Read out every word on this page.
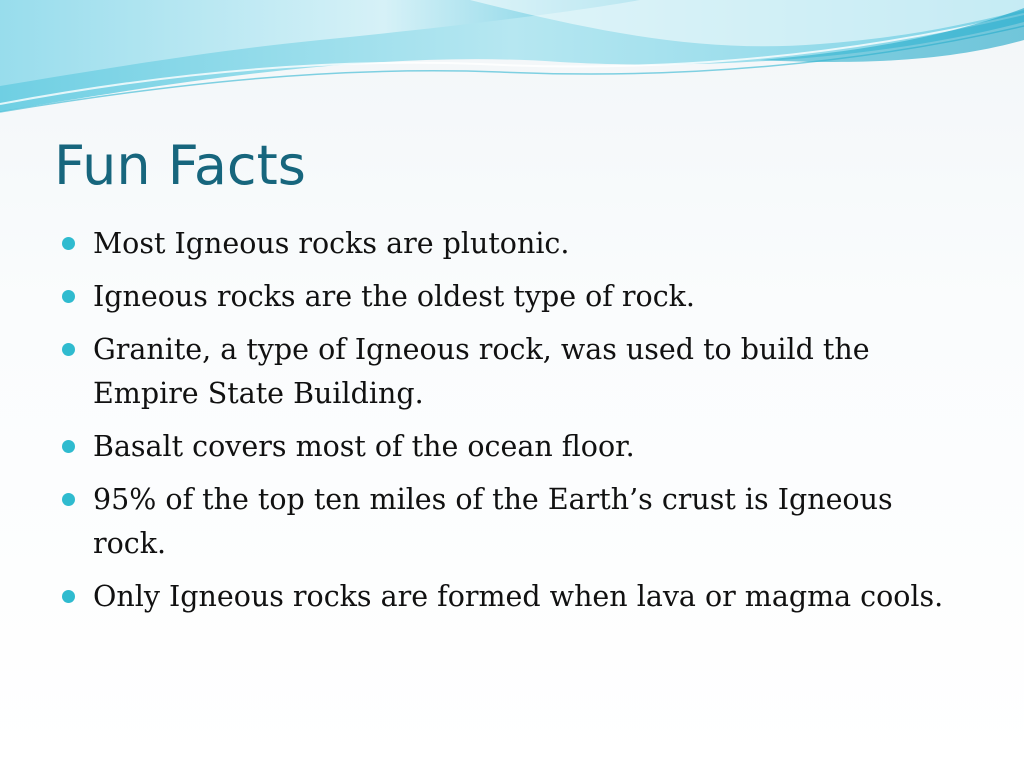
Fun Facts
Most Igneous rocks are plutonic.
Igneous rocks are the oldest type of rock.
Granite, a type of Igneous rock, was used to build the Empire State Building.
Basalt covers most of the ocean floor.
95% of the top ten miles of the Earth’s crust is Igneous rock.
Only Igneous rocks are formed when lava or magma cools.
